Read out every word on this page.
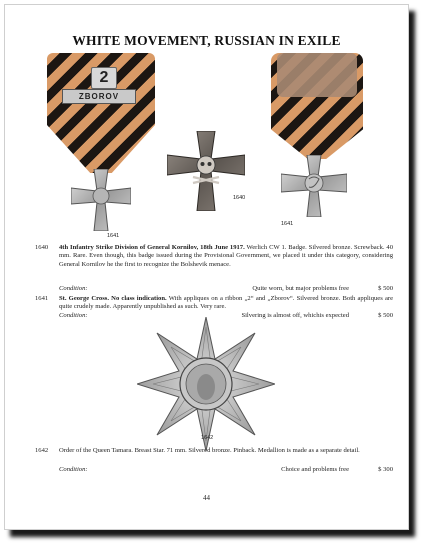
WHITE MOVEMENT, RUSSIAN IN EXILE
2
ZBOROV
1641
1640
1641
1640	4th Infantry Strike Division of General Kornilov, 18th June 1917. Werlich CW 1. Badge. Silvered bronze. Screwback. 40 mm. Rare. Even though, this badge issued during the Provisional Government, we placed it under this category, considering General Kornilov he the first to recognize the Bolshevik menace.
Condition:	Quite worn, but major problems free	$ 500
1641	St. George Cross. No class indication. With appliques on a ribbon „2“ and „Zborov“. Silvered bronze. Both appliques are quite crudely made. Apparently unpublished as such. Very rare.
Condition:	Silvering is almost off, whichis expected	$ 500
1642
1642	Order of the Queen Tamara. Breast Star. 71 mm. Silvered bronze. Pinback. Medallion is made as a separate detail.
Condition:	Choice and problems free	$ 300
44
